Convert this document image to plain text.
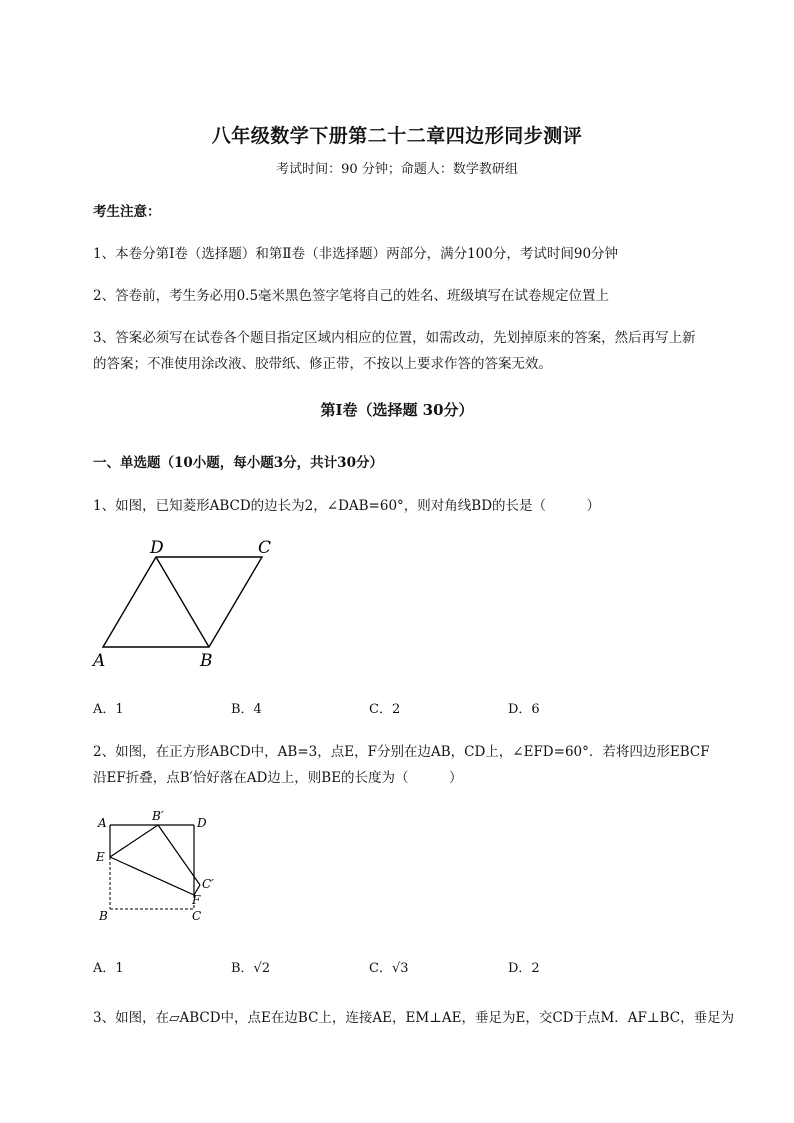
八年级数学下册第二十二章四边形同步测评
考试时间：90 分钟；命题人：数学教研组
考生注意：
1、本卷分第Ⅰ卷（选择题）和第Ⅱ卷（非选择题）两部分，满分100分，考试时间90分钟
2、答卷前，考生务必用0.5毫米黑色签字笔将自己的姓名、班级填写在试卷规定位置上
3、答案必须写在试卷各个题目指定区域内相应的位置，如需改动，先划掉原来的答案，然后再写上新
的答案；不准使用涂改液、胶带纸、修正带，不按以上要求作答的答案无效。
第Ⅰ卷（选择题 30分）
一、单选题（10小题，每小题3分，共计30分）
1、如图，已知菱形ABCD的边长为2，∠DAB=60°，则对角线BD的长是（　　　）
D	C
A	B
A．1	B．4	C．2	D．6
2、如图，在正方形ABCD中，AB=3，点E，F分别在边AB，CD上，∠EFD=60°．若将四边形EBCF
沿EF折叠，点B′恰好落在AD边上，则BE的长度为（　　　）
A	B′	D
E
C′
F
B	C
A．1	B．√2	C．√3	D．2
3、如图，在▱ABCD中，点E在边BC上，连接AE，EM⊥AE，垂足为E，交CD于点M．AF⊥BC，垂足为
